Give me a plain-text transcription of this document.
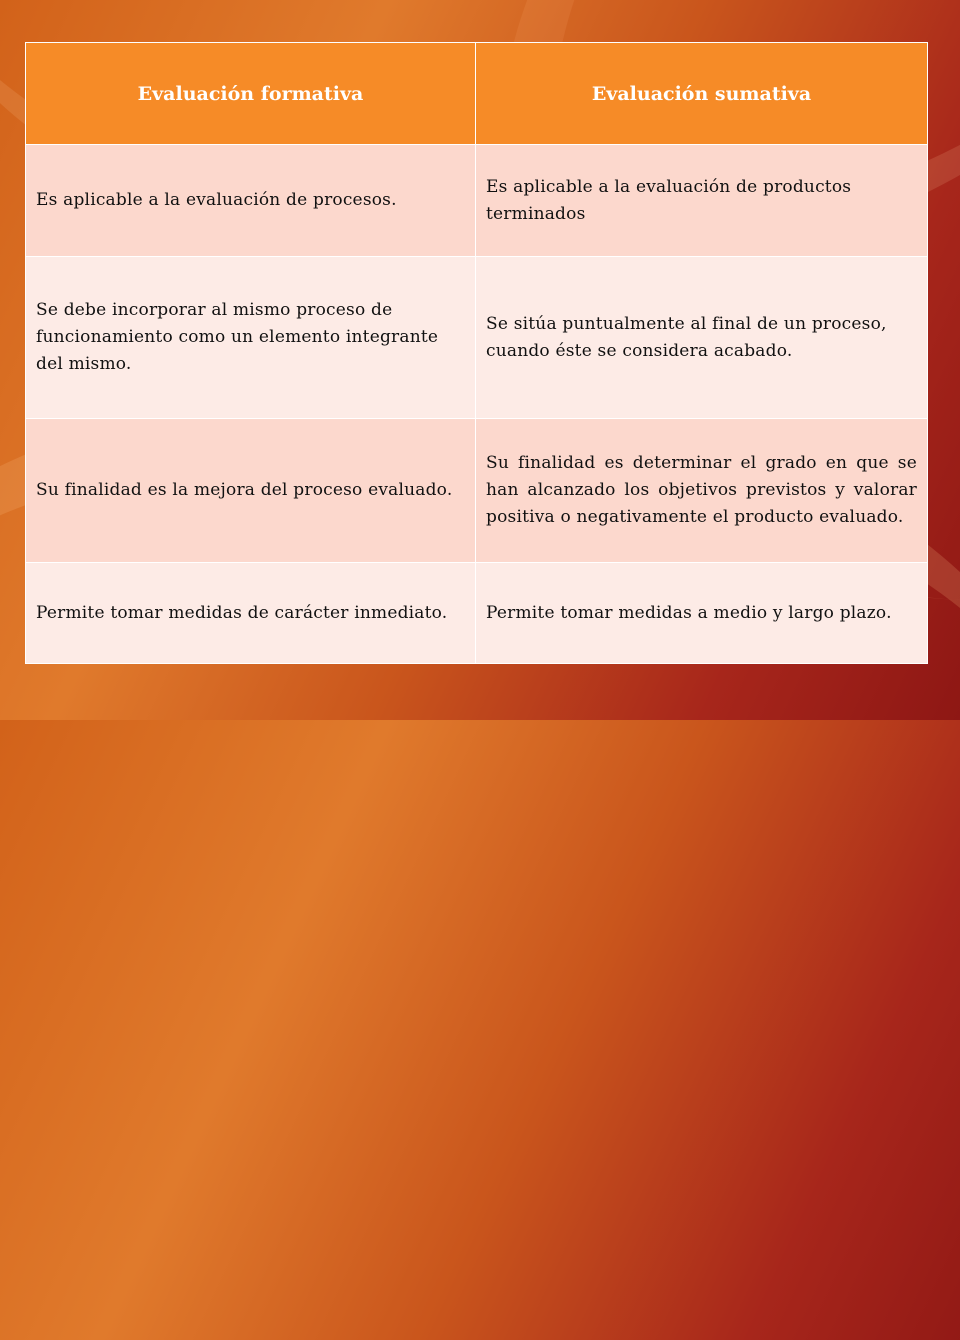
Evaluación formativa	Evaluación sumativa
Es aplicable a la evaluación de procesos.	Es aplicable a la evaluación de productos terminados
Se debe incorporar al mismo proceso de funcionamiento como un elemento integrante del mismo.	Se sitúa puntualmente al final de un proceso, cuando éste se considera acabado.
Su finalidad es la mejora del proceso evaluado.	Su finalidad es determinar el grado en que se han alcanzado los objetivos previstos y valorar positiva o negativamente el producto evaluado.
Permite tomar medidas de carácter inmediato.	Permite tomar medidas a medio y largo plazo.
